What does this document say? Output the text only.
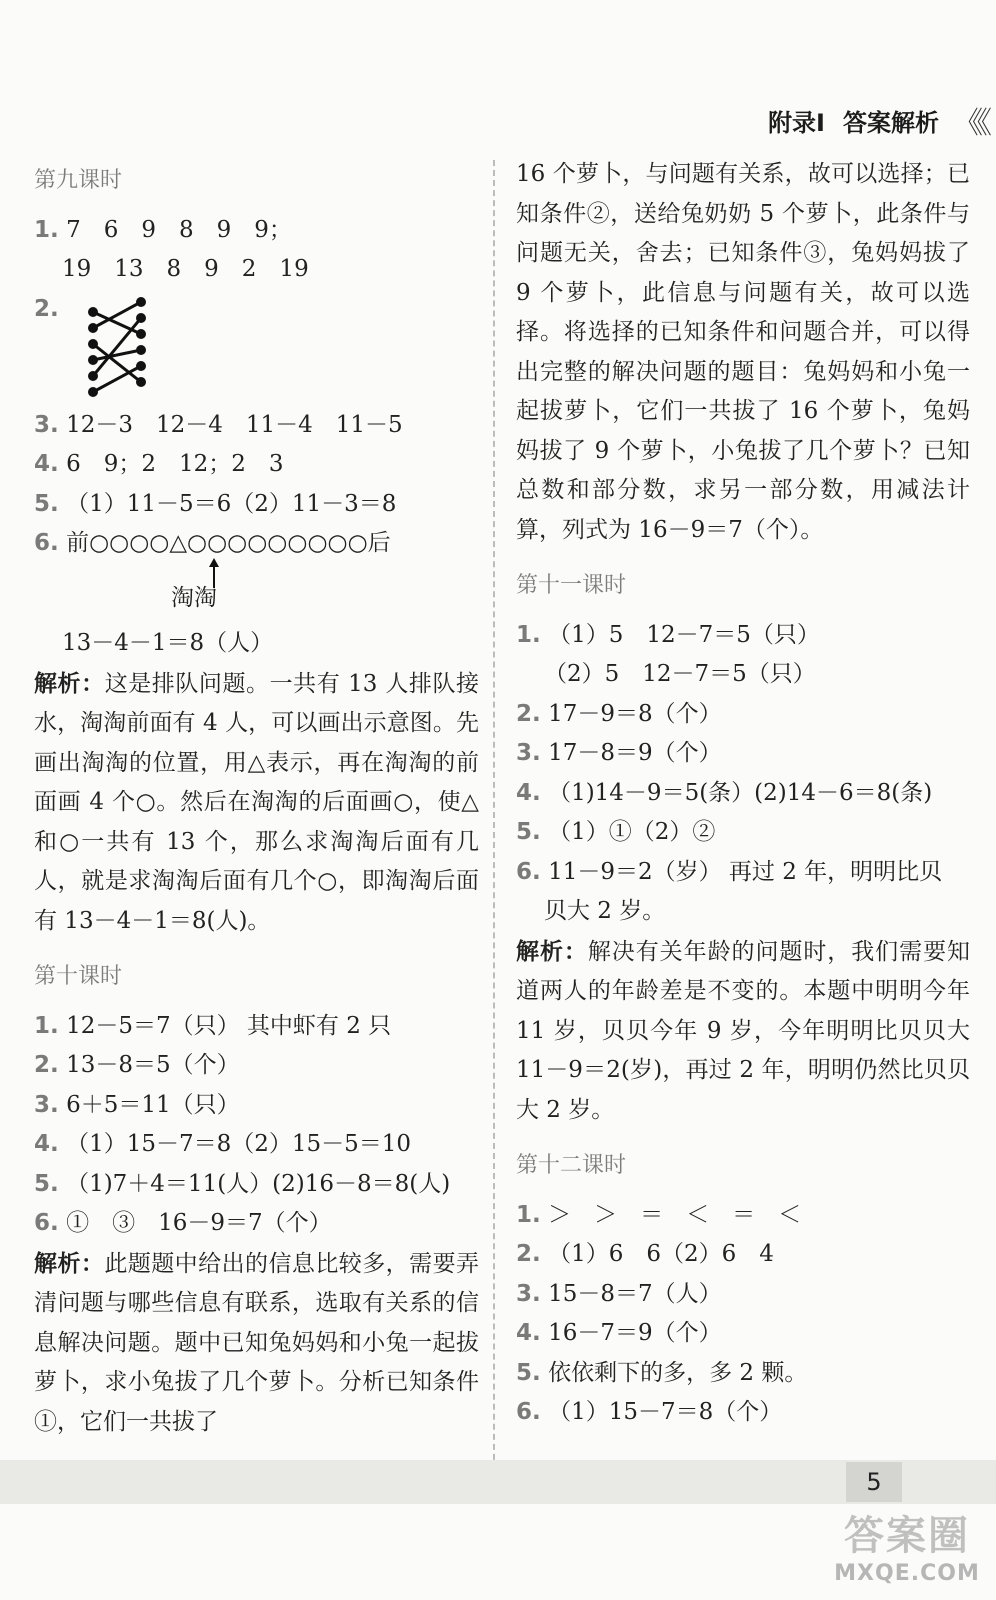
附录Ⅰ 答案解析 《《
第九课时
1. 7　6　9　8　9　9；
19　13　8　9　2　19
2.
3. 12－3　12－4　11－4　11－5
4. 6　9；2　12；2　3
5. （1）11－5＝6（2）11－3＝8
6. 前○○○○△○○○○○○○○○后
淘淘
13－4－1＝8（人）
解析：这是排队问题。一共有 13 人排队接水，淘淘前面有 4 人，可以画出示意图。先画出淘淘的位置，用△表示，再在淘淘的前面画 4 个○。然后在淘淘的后面画○，使△和○一共有 13 个，那么求淘淘后面有几人，就是求淘淘后面有几个○，即淘淘后面有 13－4－1＝8(人)。
第十课时
1. 12－5＝7（只） 其中虾有 2 只
2. 13－8＝5（个）
3. 6＋5＝11（只）
4. （1）15－7＝8（2）15－5＝10
5. （1)7＋4＝11(人）(2)16－8＝8(人)
6. ①　③　16－9＝7（个）
解析：此题题中给出的信息比较多，需要弄清问题与哪些信息有联系，选取有关系的信息解决问题。题中已知兔妈妈和小兔一起拔萝卜，求小兔拔了几个萝卜。分析已知条件①，它们一共拔了
16 个萝卜，与问题有关系，故可以选择；已知条件②，送给兔奶奶 5 个萝卜，此条件与问题无关，舍去；已知条件③，兔妈妈拔了 9 个萝卜，此信息与问题有关，故可以选择。将选择的已知条件和问题合并，可以得出完整的解决问题的题目：兔妈妈和小兔一起拔萝卜，它们一共拔了 16 个萝卜，兔妈妈拔了 9 个萝卜，小兔拔了几个萝卜？已知总数和部分数，求另一部分数，用减法计算，列式为 16－9＝7（个）。
第十一课时
1. （1）5　12－7＝5（只）
（2）5　12－7＝5（只）
2. 17－9＝8（个）
3. 17－8＝9（个）
4. （1)14－9＝5(条）(2)14－6＝8(条)
5. （1）①（2）②
6. 11－9＝2（岁） 再过 2 年，明明比贝
贝大 2 岁。
解析：解决有关年龄的问题时，我们需要知道两人的年龄差是不变的。本题中明明今年 11 岁，贝贝今年 9 岁，今年明明比贝贝大 11－9＝2(岁)，再过 2 年，明明仍然比贝贝大 2 岁。
第十二课时
1. ＞　＞　＝　＜　＝　＜
2. （1）6　6（2）6　4
3. 15－8＝7（人）
4. 16－7＝9（个）
5. 依依剩下的多，多 2 颗。
6. （1）15－7＝8（个）
5
答案圈
MXQE.COM
